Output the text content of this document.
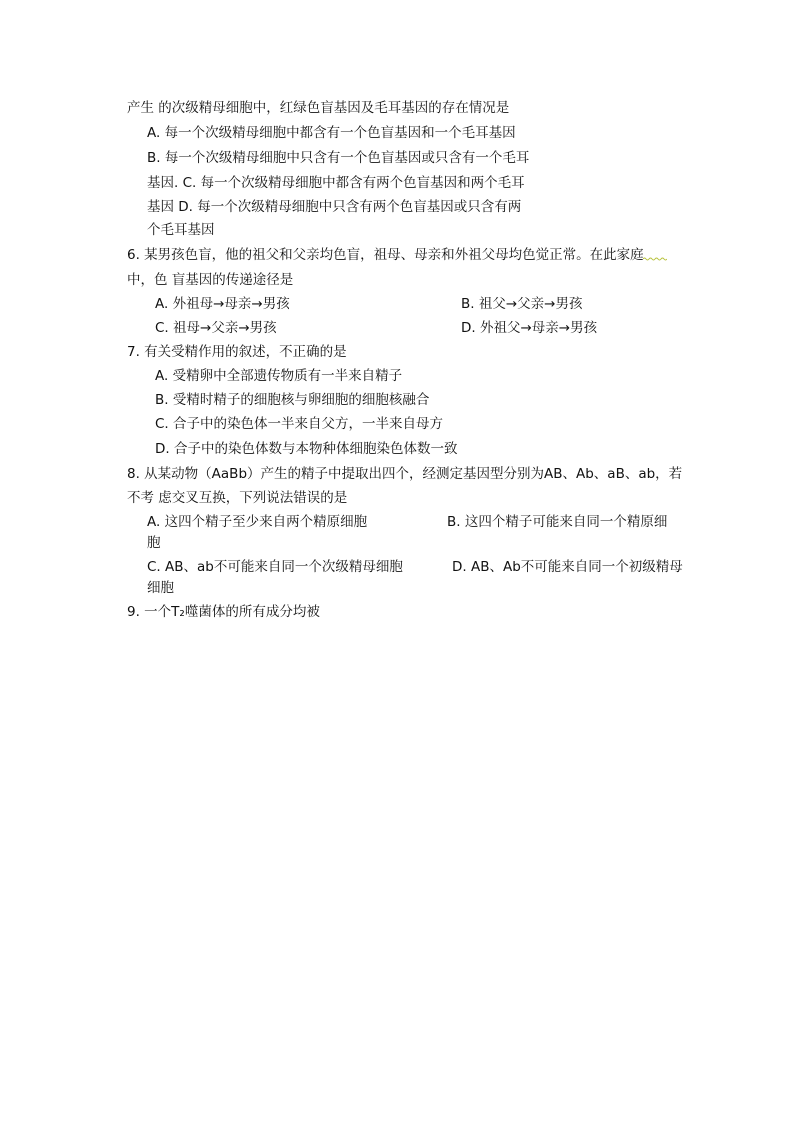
产生 的次级精母细胞中，红绿色盲基因及毛耳基因的存在情况是
A. 每一个次级精母细胞中都含有一个色盲基因和一个毛耳基因
B. 每一个次级精母细胞中只含有一个色盲基因或只含有一个毛耳
基因. C. 每一个次级精母细胞中都含有两个色盲基因和两个毛耳
基因 D. 每一个次级精母细胞中只含有两个色盲基因或只含有两
个毛耳基因
6. 某男孩色盲，他的祖父和父亲均色盲，祖母、母亲和外祖父母均色觉正常。在此家庭
中，色 盲基因的传递途径是
A. 外祖母→母亲→男孩	B. 祖父→父亲→男孩
C. 祖母→父亲→男孩	D. 外祖父→母亲→男孩
7. 有关受精作用的叙述，不正确的是
A. 受精卵中全部遗传物质有一半来自精子
B. 受精时精子的细胞核与卵细胞的细胞核融合
C. 合子中的染色体一半来自父方，一半来自母方
D. 合子中的染色体数与本物种体细胞染色体数一致
8. 从某动物（AaBb）产生的精子中提取出四个，经测定基因型分别为AB、Ab、aB、ab，若
不考 虑交叉互换，下列说法错误的是
A. 这四个精子至少来自两个精原细胞	B. 这四个精子可能来自同一个精原细
胞
C. AB、ab不可能来自同一个次级精母细胞	D. AB、Ab不可能来自同一个初级精母
细胞
9. 一个T₂噬菌体的所有成分均被
